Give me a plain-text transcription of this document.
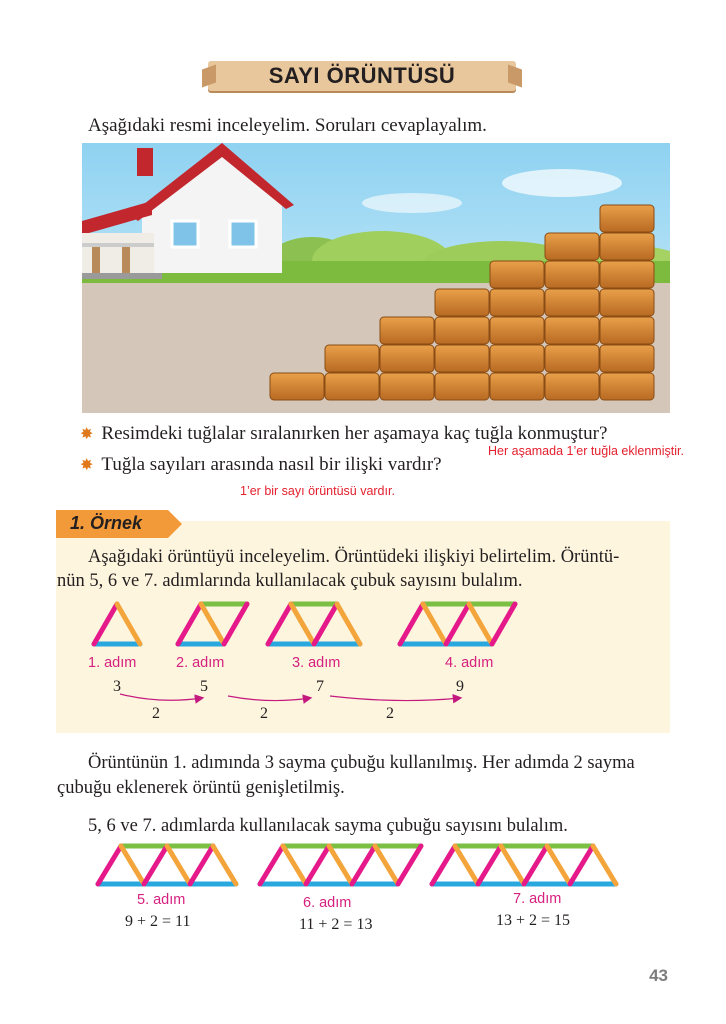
SAYI ÖRÜNTÜSÜ
Aşağıdaki resmi inceleyelim. Soruları cevaplayalım.
✸ Resimdeki tuğlalar sıralanırken her aşamaya kaç tuğla konmuştur?
Her aşamada 1’er tuğla eklenmiştir.
✸ Tuğla sayıları arasında nasıl bir ilişki vardır?
1’er bir sayı örüntüsü vardır.
1. Örnek
Aşağıdaki örüntüyü inceleyelim. Örüntüdeki ilişkiyi belirtelim. Örüntü-
nün 5, 6 ve 7. adımlarında kullanılacak çubuk sayısını bulalım.
1. adım	2. adım	3. adım	4. adım
3	5	7	9
2	2	2
Örüntünün 1. adımında 3 sayma çubuğu kullanılmış. Her adımda 2 sayma
çubuğu eklenerek örüntü genişletilmiş.
5, 6 ve 7. adımlarda kullanılacak sayma çubuğu sayısını bulalım.
5. adım	6. adım	7. adım
9 + 2 = 11	11 + 2 = 13	13 + 2 = 15
43
